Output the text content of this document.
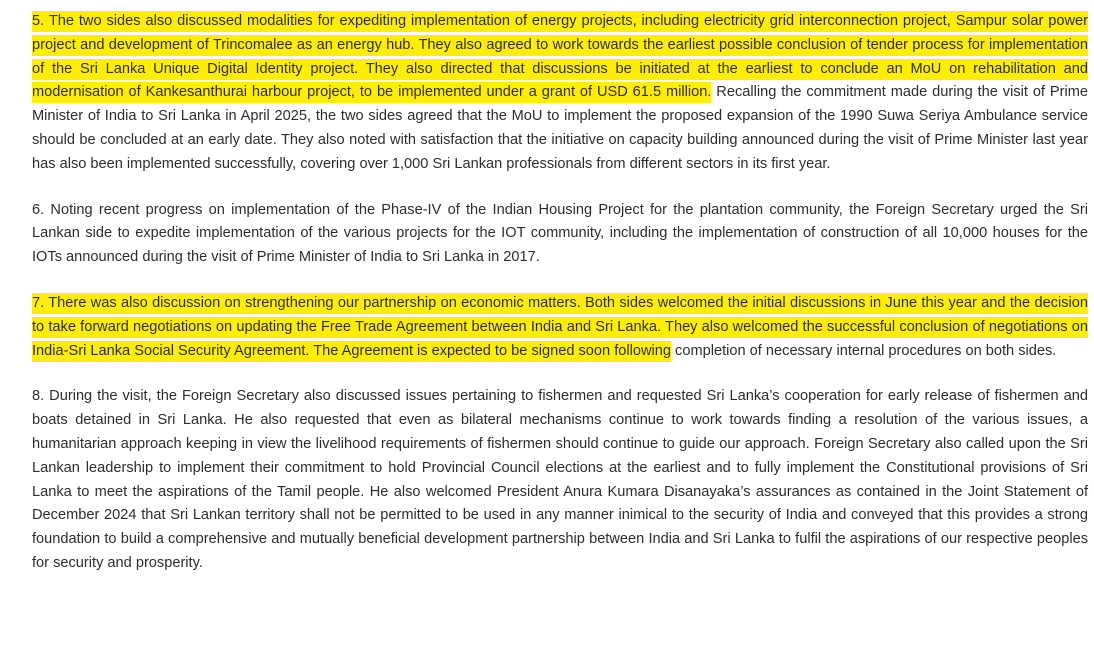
5. The two sides also discussed modalities for expediting implementation of energy projects, including electricity grid interconnection project, Sampur solar power project and development of Trincomalee as an energy hub. They also agreed to work towards the earliest possible conclusion of tender process for implementation of the Sri Lanka Unique Digital Identity project. They also directed that discussions be initiated at the earliest to conclude an MoU on rehabilitation and modernisation of Kankesanthurai harbour project, to be implemented under a grant of USD 61.5 million. Recalling the commitment made during the visit of Prime Minister of India to Sri Lanka in April 2025, the two sides agreed that the MoU to implement the proposed expansion of the 1990 Suwa Seriya Ambulance service should be concluded at an early date. They also noted with satisfaction that the initiative on capacity building announced during the visit of Prime Minister last year has also been implemented successfully, covering over 1,000 Sri Lankan professionals from different sectors in its first year.

6. Noting recent progress on implementation of the Phase-IV of the Indian Housing Project for the plantation community, the Foreign Secretary urged the Sri Lankan side to expedite implementation of the various projects for the IOT community, including the implementation of construction of all 10,000 houses for the IOTs announced during the visit of Prime Minister of India to Sri Lanka in 2017.

7. There was also discussion on strengthening our partnership on economic matters. Both sides welcomed the initial discussions in June this year and the decision to take forward negotiations on updating the Free Trade Agreement between India and Sri Lanka. They also welcomed the successful conclusion of negotiations on India-Sri Lanka Social Security Agreement. The Agreement is expected to be signed soon following completion of necessary internal procedures on both sides.

8. During the visit, the Foreign Secretary also discussed issues pertaining to fishermen and requested Sri Lanka’s cooperation for early release of fishermen and boats detained in Sri Lanka. He also requested that even as bilateral mechanisms continue to work towards finding a resolution of the various issues, a humanitarian approach keeping in view the livelihood requirements of fishermen should continue to guide our approach. Foreign Secretary also called upon the Sri Lankan leadership to implement their commitment to hold Provincial Council elections at the earliest and to fully implement the Constitutional provisions of Sri Lanka to meet the aspirations of the Tamil people. He also welcomed President Anura Kumara Disanayaka’s assurances as contained in the Joint Statement of December 2024 that Sri Lankan territory shall not be permitted to be used in any manner inimical to the security of India and conveyed that this provides a strong foundation to build a comprehensive and mutually beneficial development partnership between India and Sri Lanka to fulfil the aspirations of our respective peoples for security and prosperity.
